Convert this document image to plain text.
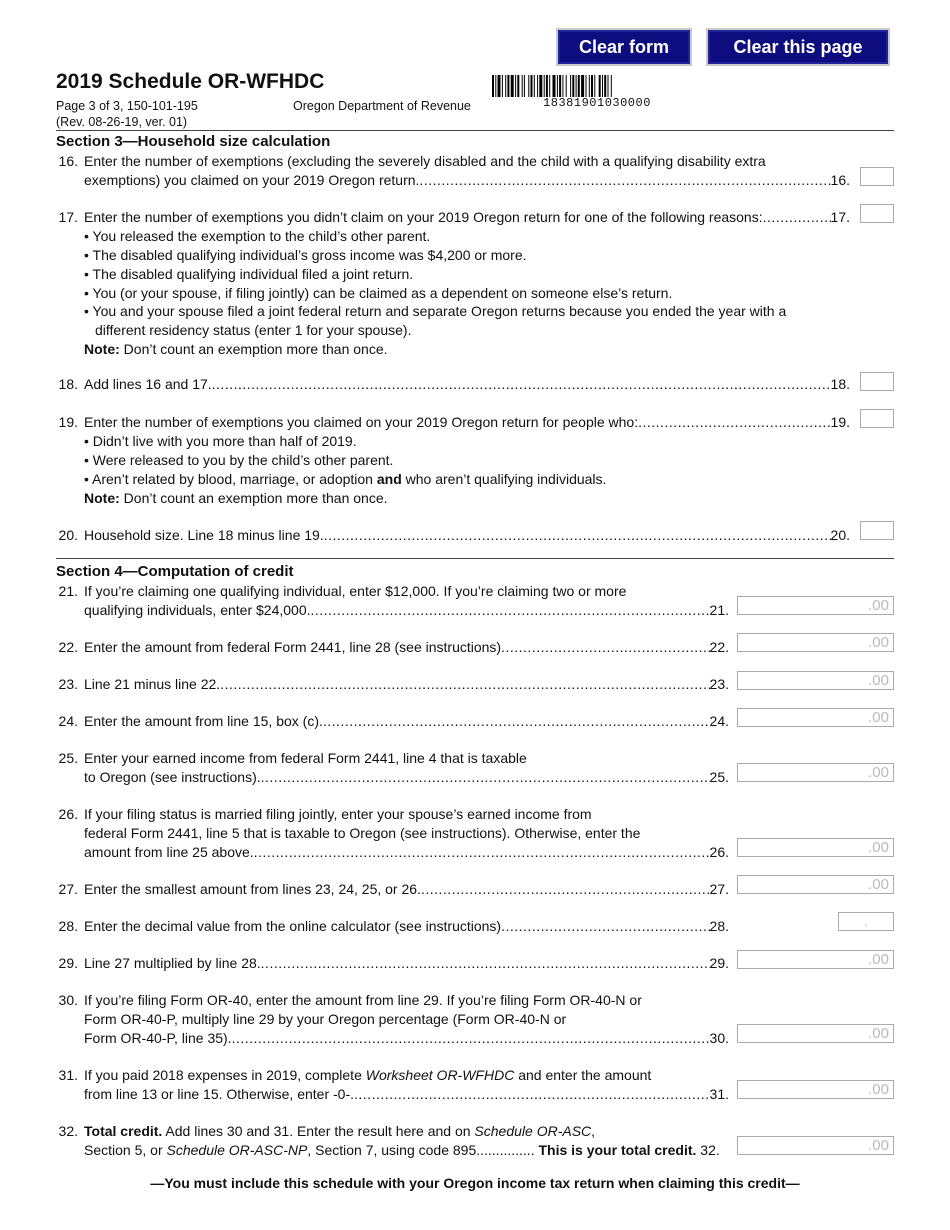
Clear form	Clear this page
2019 Schedule OR-WFHDC
Page 3 of 3, 150-101-195
(Rev. 08-26-19, ver. 01)
Oregon Department of Revenue	18381901030000
Section 3—Household size calculation
16. Enter the number of exemptions (excluding the severely disabled and the child with a qualifying disability extra
exemptions) you claimed on your 2019 Oregon return. .....	16.
17. Enter the number of exemptions you didn’t claim on your 2019 Oregon return for one of the following reasons: .....	17.
• You released the exemption to the child’s other parent.
• The disabled qualifying individual’s gross income was $4,200 or more.
• The disabled qualifying individual filed a joint return.
• You (or your spouse, if filing jointly) can be claimed as a dependent on someone else’s return.
• You and your spouse filed a joint federal return and separate Oregon returns because you ended the year with a
different residency status (enter 1 for your spouse).
Note: Don’t count an exemption more than once.
18. Add lines 16 and 17. .....	18.
19. Enter the number of exemptions you claimed on your 2019 Oregon return for people who: .....	19.
• Didn’t live with you more than half of 2019.
• Were released to you by the child’s other parent.
• Aren’t related by blood, marriage, or adoption and who aren’t qualifying individuals.
Note: Don’t count an exemption more than once.
20. Household size. Line 18 minus line 19. .....	20.
Section 4—Computation of credit
21. If you’re claiming one qualifying individual, enter $12,000. If you’re claiming two or more
qualifying individuals, enter $24,000. .....	21.	.00
22. Enter the amount from federal Form 2441, line 28 (see instructions) .....	22.	.00
23. Line 21 minus line 22. .....	23.	.00
24. Enter the amount from line 15, box (c). .....	24.	.00
25. Enter your earned income from federal Form 2441, line 4 that is taxable
to Oregon (see instructions). .....	25.	.00
26. If your filing status is married filing jointly, enter your spouse’s earned income from
federal Form 2441, line 5 that is taxable to Oregon (see instructions). Otherwise, enter the
amount from line 25 above. .....	26.	.00
27. Enter the smallest amount from lines 23, 24, 25, or 26. .....	27.	.00
28. Enter the decimal value from the online calculator (see instructions) .....	28.	.
29. Line 27 multiplied by line 28. .....	29.	.00
30. If you’re filing Form OR-40, enter the amount from line 29. If you’re filing Form OR-40-N or
Form OR-40-P, multiply line 29 by your Oregon percentage (Form OR-40-N or
Form OR-40-P, line 35). .....	30.	.00
31. If you paid 2018 expenses in 2019, complete Worksheet OR-WFHDC and enter the amount
from line 13 or line 15. Otherwise, enter -0-. .....	31.	.00
32. Total credit. Add lines 30 and 31. Enter the result here and on Schedule OR-ASC,
Section 5, or Schedule OR-ASC-NP, Section 7, using code 895............... This is your total credit. 32.	.00
—You must include this schedule with your Oregon income tax return when claiming this credit—
